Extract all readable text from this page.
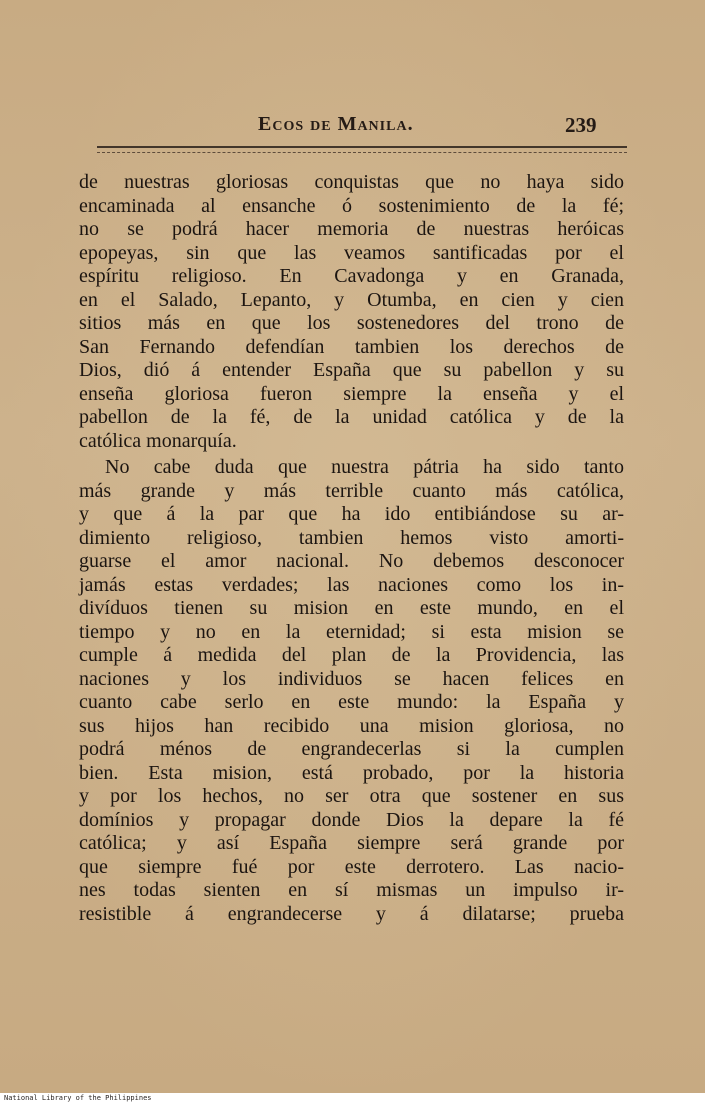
Ecos de Manila.	239
de nuestras gloriosas conquistas que no haya sido
encaminada al ensanche ó sostenimiento de la fé;
no se podrá hacer memoria de nuestras heróicas
epopeyas, sin que las veamos santificadas por el
espíritu religioso. En Cavadonga y en Granada,
en el Salado, Lepanto, y Otumba, en cien y cien
sitios más en que los sostenedores del trono de
San Fernando defendían tambien los derechos de
Dios, dió á entender España que su pabellon y su
enseña gloriosa fueron siempre la enseña y el
pabellon de la fé, de la unidad católica y de la
católica monarquía.
No cabe duda que nuestra pátria ha sido tanto
más grande y más terrible cuanto más católica,
y que á la par que ha ido entibiándose su ar-
dimiento religioso, tambien hemos visto amorti-
guarse el amor nacional. No debemos desconocer
jamás estas verdades; las naciones como los in-
divíduos tienen su mision en este mundo, en el
tiempo y no en la eternidad; si esta mision se
cumple á medida del plan de la Providencia, las
naciones y los individuos se hacen felices en
cuanto cabe serlo en este mundo: la España y
sus hijos han recibido una mision gloriosa, no
podrá ménos de engrandecerlas si la cumplen
bien. Esta mision, está probado, por la historia
y por los hechos, no ser otra que sostener en sus
domínios y propagar donde Dios la depare la fé
católica; y así España siempre será grande por
que siempre fué por este derrotero. Las nacio-
nes todas sienten en sí mismas un impulso ir-
resistible á engrandecerse y á dilatarse; prueba
National Library of the Philippines
